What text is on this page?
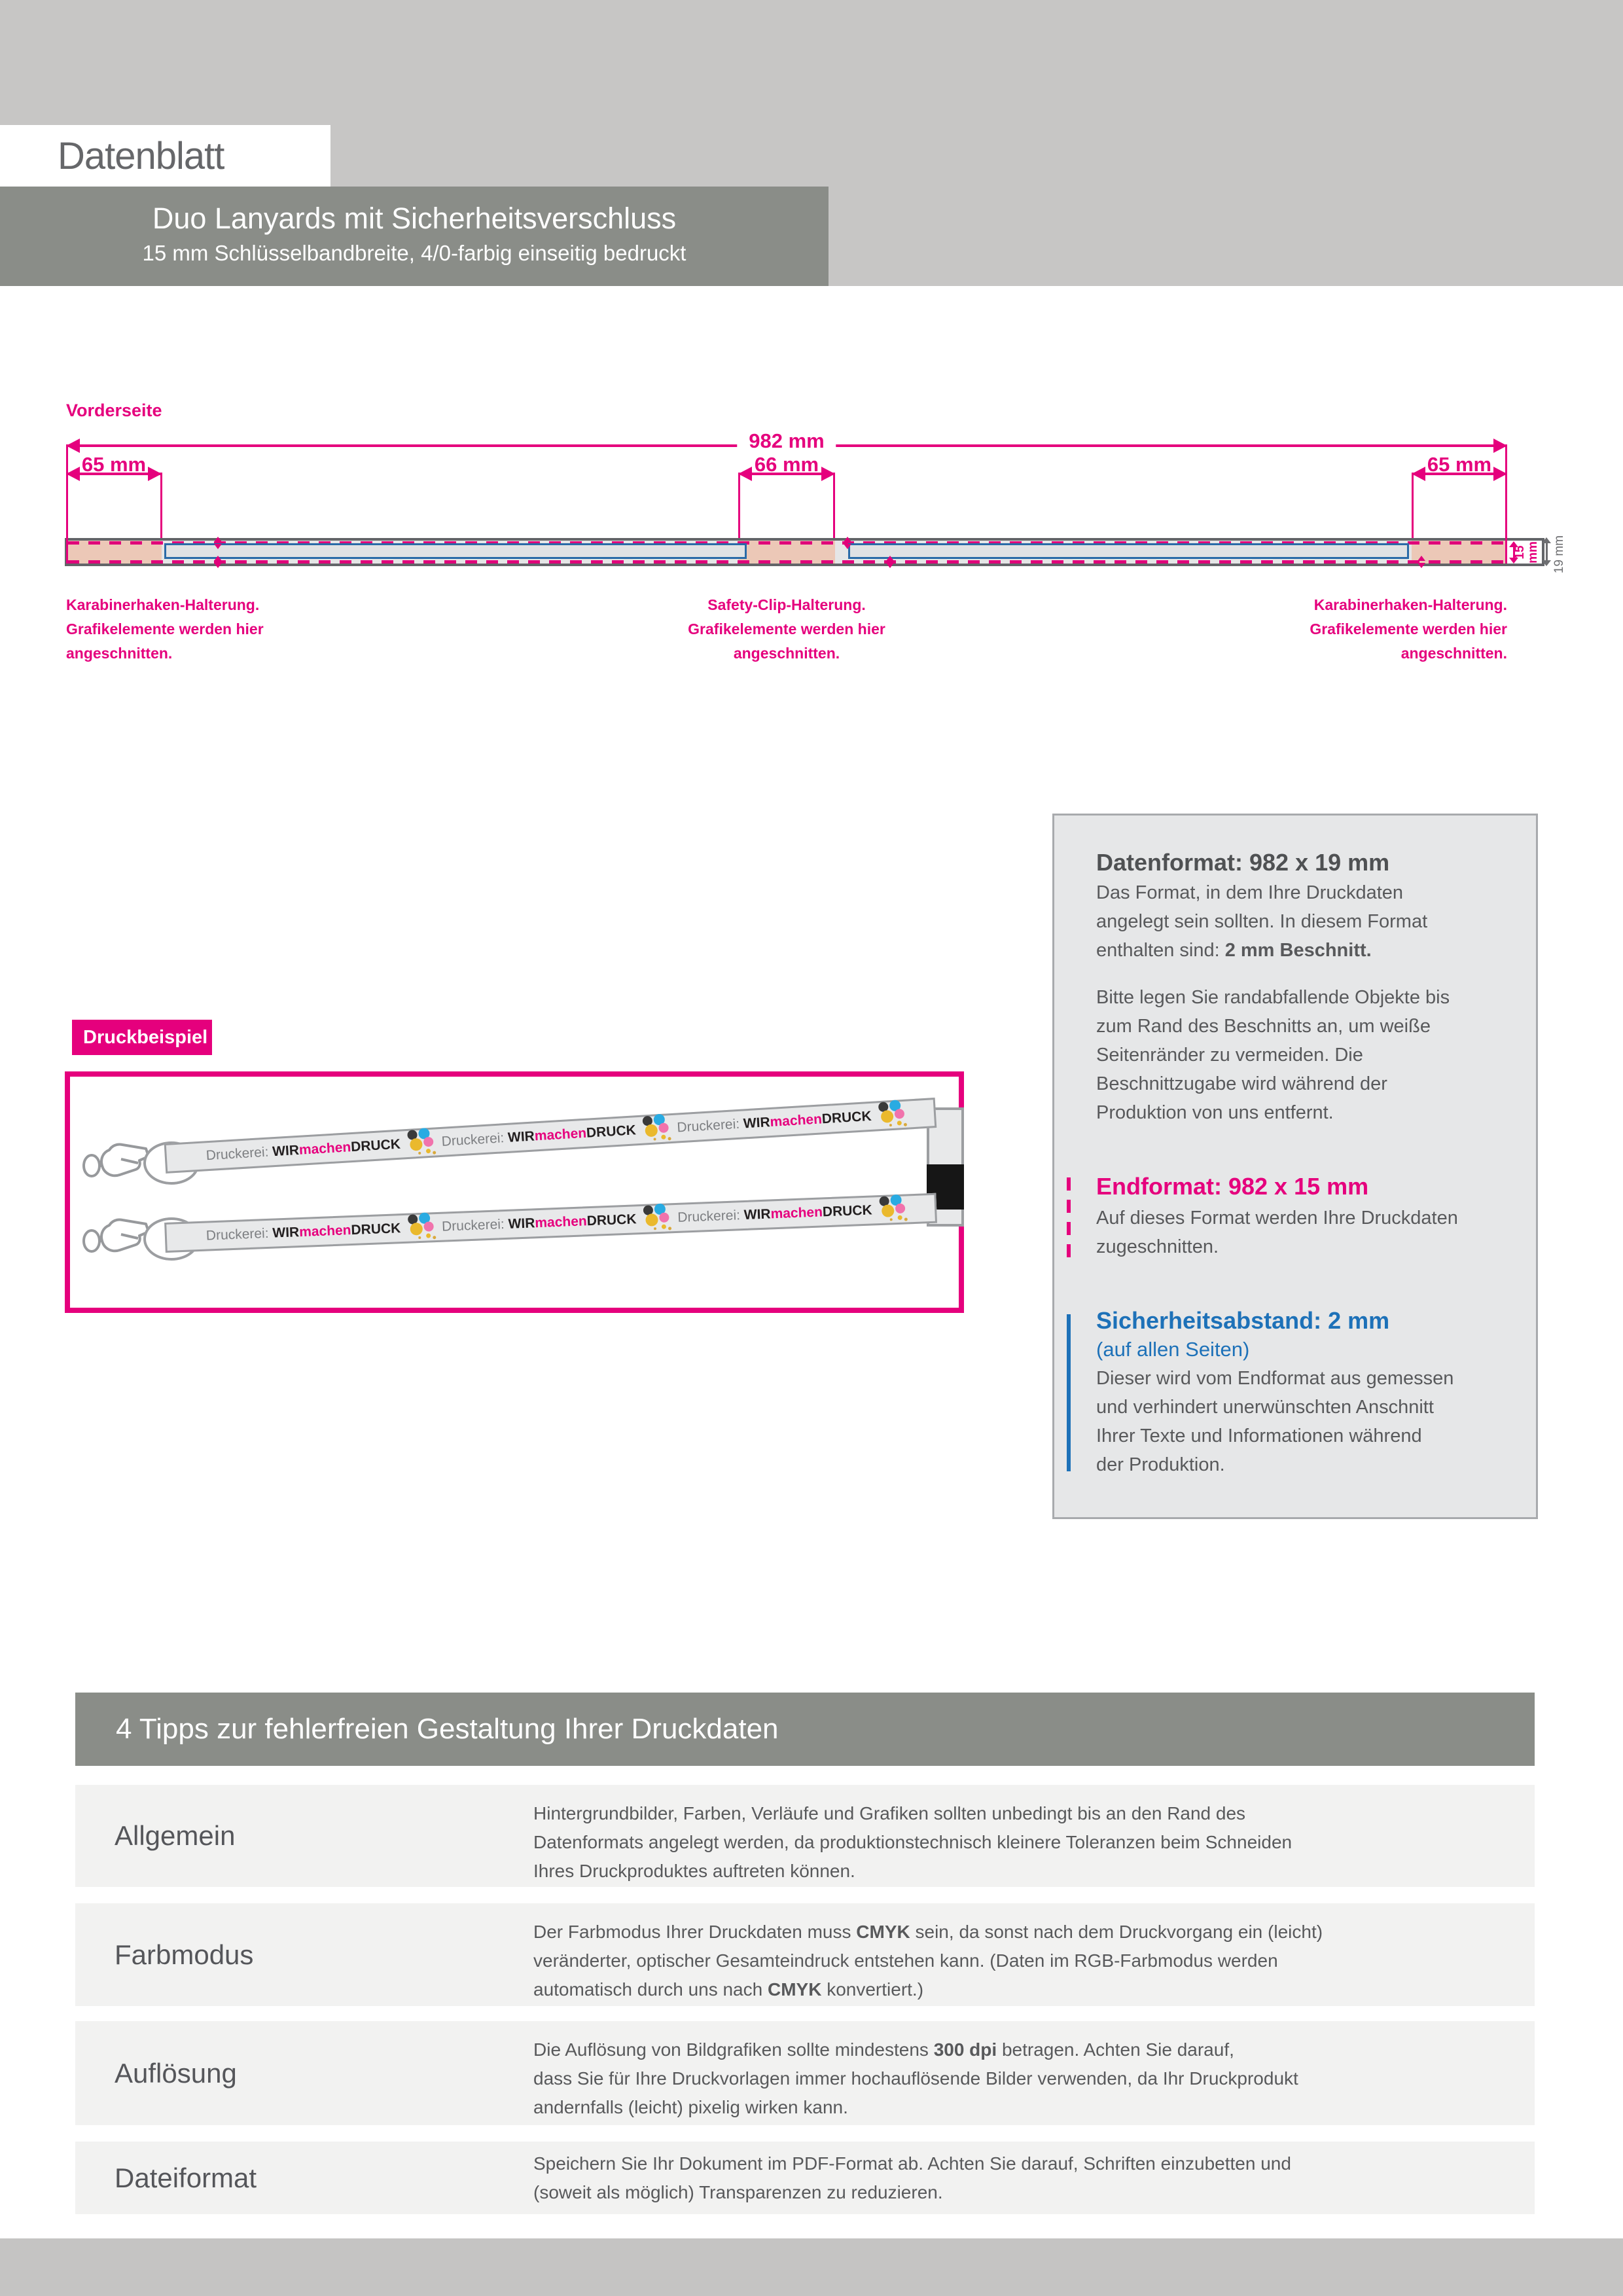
Datenblatt
Duo Lanyards mit Sicherheitsverschluss
15 mm Schlüsselbandbreite, 4/0-farbig einseitig bedruckt
Vorderseite
982 mm
65 mm	66 mm	65 mm
15 mm 19 mm
Karabinerhaken-Halterung.
Grafikelemente werden hier
angeschnitten.
Safety-Clip-Halterung.
Grafikelemente werden hier
angeschnitten.
Karabinerhaken-Halterung.
Grafikelemente werden hier
angeschnitten.
Druckbeispiel
Druckerei: WIRmachenDRUCK	Druckerei: WIRmachenDRUCK	Druckerei: WIRmachenDRUCK
Druckerei: WIRmachenDRUCK	Druckerei: WIRmachenDRUCK	Druckerei: WIRmachenDRUCK
Datenformat: 982 x 19 mm
Das Format, in dem Ihre Druckdaten
angelegt sein sollten. In diesem Format
enthalten sind: 2 mm Beschnitt.
Bitte legen Sie randabfallende Objekte bis
zum Rand des Beschnitts an, um weiße
Seitenränder zu vermeiden. Die
Beschnittzugabe wird während der
Produktion von uns entfernt.
Endformat: 982 x 15 mm
Auf dieses Format werden Ihre Druckdaten
zugeschnitten.
Sicherheitsabstand: 2 mm
(auf allen Seiten)
Dieser wird vom Endformat aus gemessen
und verhindert unerwünschten Anschnitt
Ihrer Texte und Informationen während
der Produktion.
4 Tipps zur fehlerfreien Gestaltung Ihrer Druckdaten
Allgemein
Hintergrundbilder, Farben, Verläufe und Grafiken sollten unbedingt bis an den Rand des
Datenformats angelegt werden, da produktionstechnisch kleinere Toleranzen beim Schneiden
Ihres Druckproduktes auftreten können.
Farbmodus
Der Farbmodus Ihrer Druckdaten muss CMYK sein, da sonst nach dem Druckvorgang ein (leicht)
veränderter, optischer Gesamteindruck entstehen kann. (Daten im RGB-Farbmodus werden
automatisch durch uns nach CMYK konvertiert.)
Auflösung
Die Auflösung von Bildgrafiken sollte mindestens 300 dpi betragen. Achten Sie darauf,
dass Sie für Ihre Druckvorlagen immer hochauflösende Bilder verwenden, da Ihr Druckprodukt
andernfalls (leicht) pixelig wirken kann.
Dateiformat	Speichern Sie Ihr Dokument im PDF-Format ab. Achten Sie darauf, Schriften einzubetten und
(soweit als möglich) Transparenzen zu reduzieren.
